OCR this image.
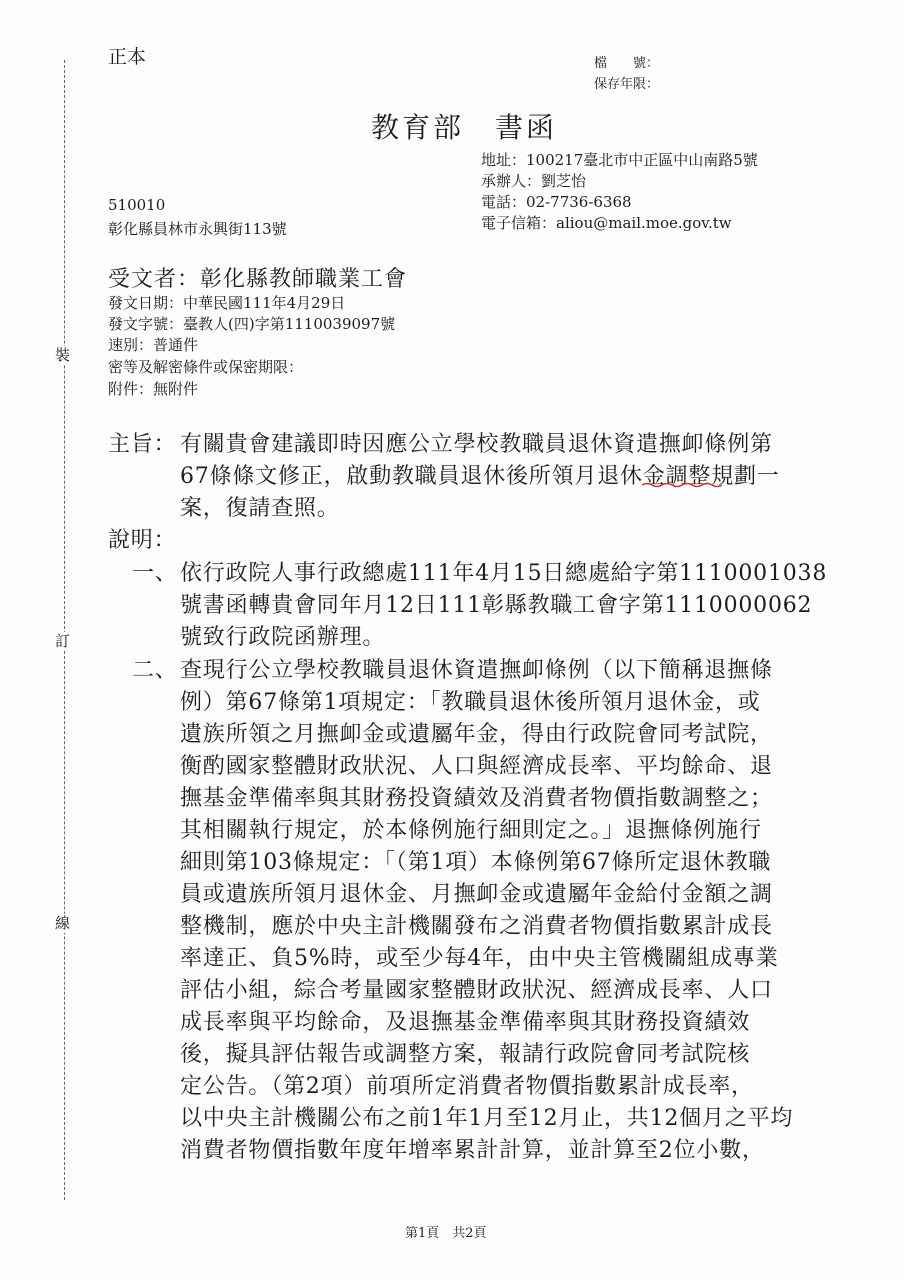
裝
訂
線
正本	檔　　號：
保存年限：
教育部　書函
地址：100217臺北市中正區中山南路5號
承辦人：劉芝怡
電話：02-7736-6368
電子信箱：aliou@mail.moe.gov.tw
510010
彰化縣員林市永興街113號
受文者：彰化縣教師職業工會
發文日期：中華民國111年4月29日
發文字號：臺教人(四)字第1110039097號
速別：普通件
密等及解密條件或保密期限：
附件：無附件
主旨： 有關貴會建議即時因應公立學校教職員退休資遣撫卹條例第
67條條文修正，啟動教職員退休後所領月退休金調整規劃一
案，復請查照。
說明：
一、 依行政院人事行政總處111年4月15日總處給字第1110001038
號書函轉貴會同年月12日111彰縣教職工會字第1110000062
號致行政院函辦理。
二、 查現行公立學校教職員退休資遣撫卹條例（以下簡稱退撫條
例）第67條第1項規定：「教職員退休後所領月退休金，或
遺族所領之月撫卹金或遺屬年金，得由行政院會同考試院，
衡酌國家整體財政狀況、人口與經濟成長率、平均餘命、退
撫基金準備率與其財務投資績效及消費者物價指數調整之；
其相關執行規定，於本條例施行細則定之。」退撫條例施行
細則第103條規定：「（第1項）本條例第67條所定退休教職
員或遺族所領月退休金、月撫卹金或遺屬年金給付金額之調
整機制，應於中央主計機關發布之消費者物價指數累計成長
率達正、負5%時，或至少每4年，由中央主管機關組成專業
評估小組，綜合考量國家整體財政狀況、經濟成長率、人口
成長率與平均餘命，及退撫基金準備率與其財務投資績效
後，擬具評估報告或調整方案，報請行政院會同考試院核
定公告。（第2項）前項所定消費者物價指數累計成長率，
以中央主計機關公布之前1年1月至12月止，共12個月之平均
消費者物價指數年度年增率累計計算，並計算至2位小數，
第1頁　共2頁
